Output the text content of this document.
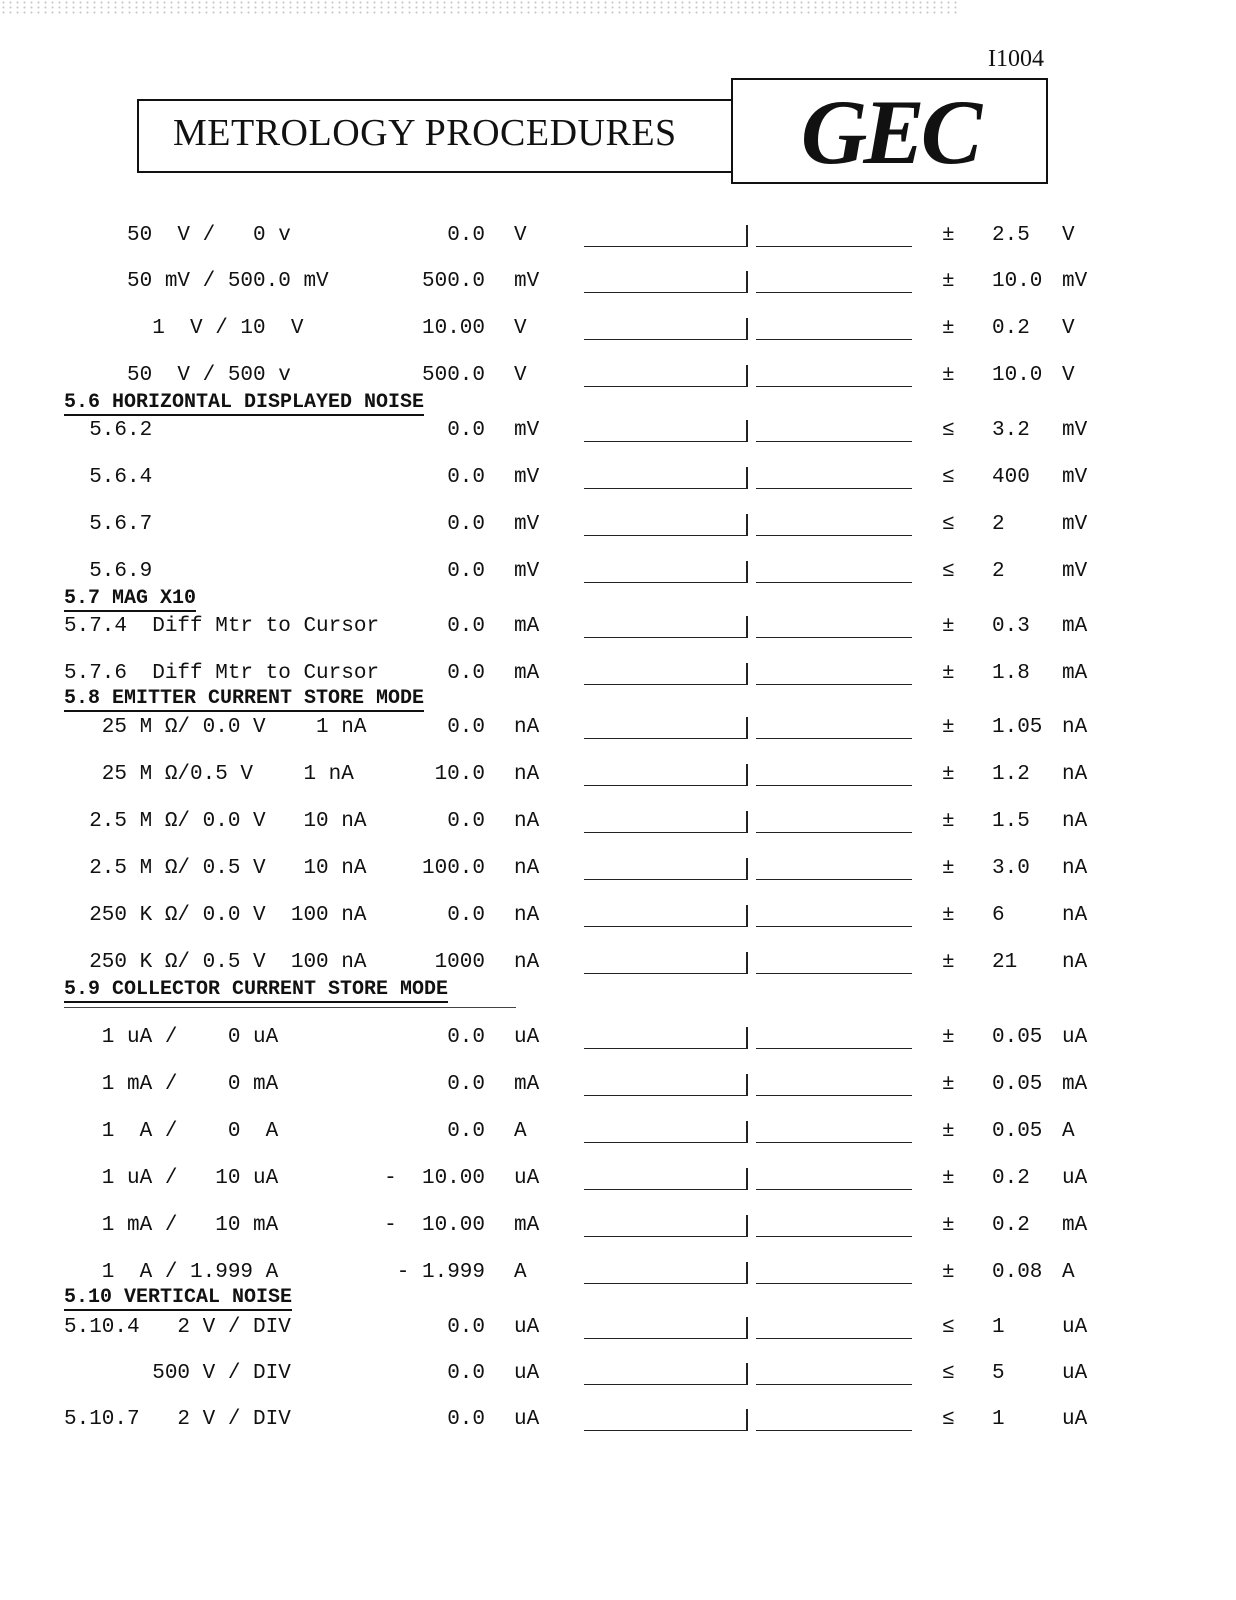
I1004
METROLOGY PROCEDURES	GEC
5.6 HORIZONTAL DISPLAYED NOISE
5.7 MAG X10
5.8 EMITTER CURRENT STORE MODE
5.9 COLLECTOR CURRENT STORE MODE
5.10 VERTICAL NOISE
50  V /   0 v	0.0 V	± 2.5 V
50 mV / 500.0 mV	500.0 mV	± 10.0 mV
1  V / 10  V	10.00 V	± 0.2 V
50  V / 500 v	500.0 V	± 10.0 V
5.6.2	0.0 mV	≤ 3.2 mV
5.6.4	0.0 mV	≤ 400 mV
5.6.7	0.0 mV	≤ 2	mV
5.6.9	0.0 mV	≤ 2	mV
5.7.4  Diff Mtr to Cursor	0.0 mA	± 0.3 mA
5.7.6  Diff Mtr to Cursor	0.0 mA	± 1.8 mA
25 M Ω/ 0.0 V    1 nA	0.0 nA	± 1.05 nA
25 M Ω/0.5 V    1 nA	10.0 nA	± 1.2 nA
2.5 M Ω/ 0.0 V   10 nA	0.0 nA	± 1.5 nA
2.5 M Ω/ 0.5 V   10 nA	100.0 nA	± 3.0 nA
250 K Ω/ 0.0 V  100 nA	0.0 nA	± 6	nA
250 K Ω/ 0.5 V  100 nA	1000 nA	± 21 nA
1 uA /    0 uA	0.0 uA	± 0.05 uA
1 mA /    0 mA	0.0 mA	± 0.05 mA
1  A /    0  A	0.0 A	± 0.05 A
1 uA /   10 uA	-  10.00 uA	± 0.2 uA
1 mA /   10 mA	-  10.00 mA	± 0.2 mA
1  A / 1.999 A	- 1.999 A	± 0.08 A
5.10.4   2 V / DIV	0.0 uA	≤ 1	uA
500 V / DIV	0.0 uA	≤ 5	uA
5.10.7   2 V / DIV	0.0 uA	≤ 1	uA
